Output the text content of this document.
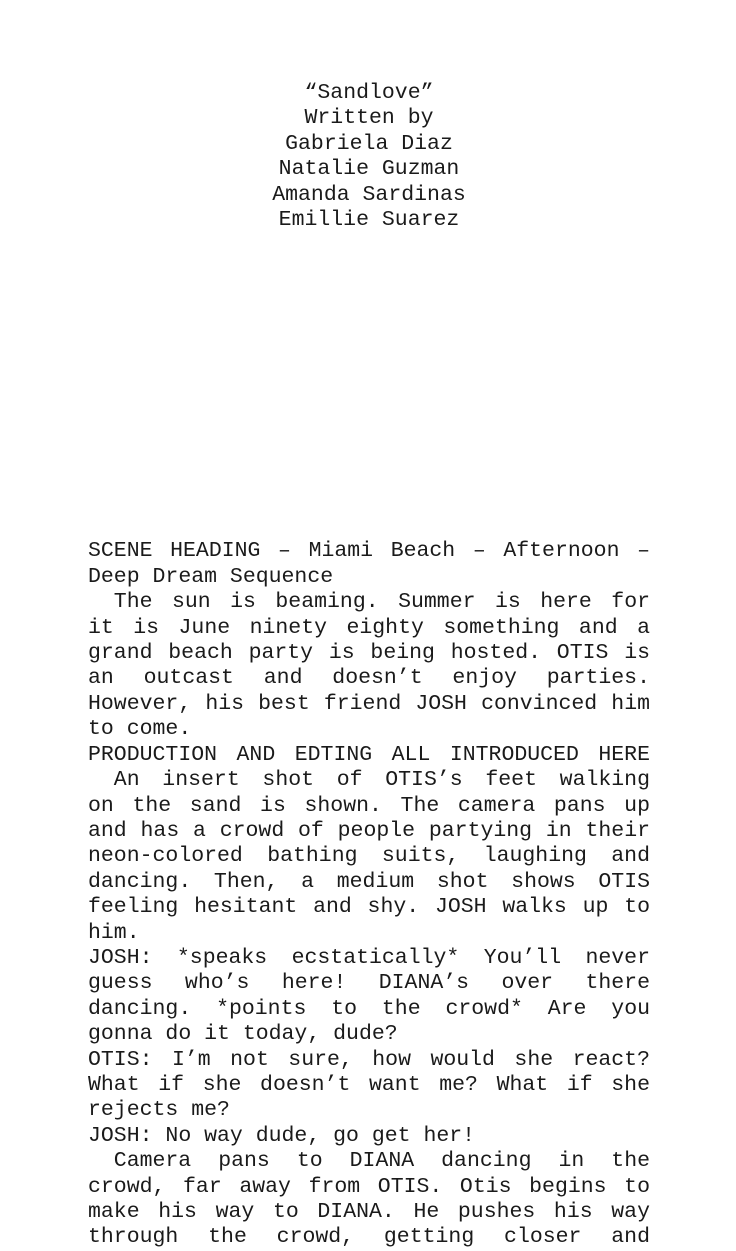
“Sandlove”
Written by
Gabriela Diaz
Natalie Guzman
Amanda Sardinas
Emillie Suarez
SCENE HEADING – Miami Beach – Afternoon –
Deep Dream Sequence
The sun is beaming. Summer is here for
it is June ninety eighty something and a
grand beach party is being hosted. OTIS is
an outcast and doesn’t enjoy parties.
However, his best friend JOSH convinced him
to come.
PRODUCTION AND EDTING ALL INTRODUCED HERE
An insert shot of OTIS’s feet walking
on the sand is shown. The camera pans up
and has a crowd of people partying in their
neon-colored bathing suits, laughing and
dancing. Then, a medium shot shows OTIS
feeling hesitant and shy. JOSH walks up to
him.
JOSH: *speaks ecstatically* You’ll never
guess who’s here! DIANA’s over there
dancing. *points to the crowd* Are you
gonna do it today, dude?
OTIS: I’m not sure, how would she react?
What if she doesn’t want me? What if she
rejects me?
JOSH: No way dude, go get her!
Camera pans to DIANA dancing in the
crowd, far away from OTIS. Otis begins to
make his way to DIANA. He pushes his way
through the crowd, getting closer and
